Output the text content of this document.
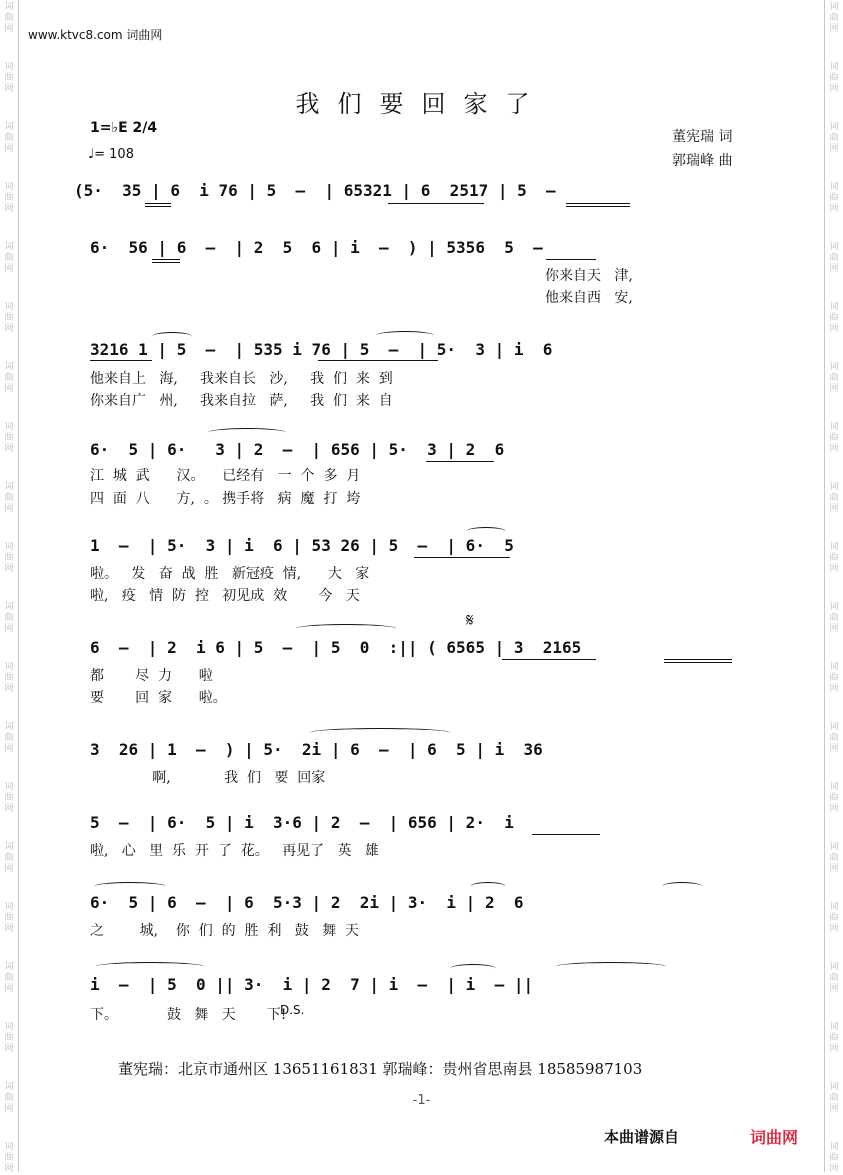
词
曲
网
词
曲
网
词
曲
网
词
曲
网
词
曲
网
词
曲
网
词
曲
网
词
曲
网
词
曲
网
词
曲
网
词
曲
网
词
曲
网
词
曲
网
词
曲
网
词
曲
网
词
曲
网
词
曲
网
词
曲
网
词
曲
网
词
曲
网
词
曲
网
词
曲
网
词
曲
网
词
曲
网
词
曲
网
词
曲
网
词
曲
网
词
曲
网
词
曲
网
词
曲
网
词
曲
网
词
曲
网
词
曲
网
词
曲
网
词
曲
网
词
曲
网
词
曲
网
词
曲
网
词
曲
网
词
曲
网
www.ktvc8.com 词曲网
我们要回家了
1=♭E 2/4
♩= 108
董宪瑞 词
郭瑞峰 曲
(5·  35 | 6  i 76 | 5  –  | 65321 | 6  2517 | 5  –
6·  56 | 6  –  | 2  5  6 | i  –  ) | 5356  5  –
你来自天   津,
他来自西   安,
3216 1 | 5  –  | 535 i 76 | 5  –  | 5·  3 | i  6
他来自上   海,     我来自长   沙,     我  们  来  到
你来自广   州,     我来自拉   萨,     我  们  来  自
6·  5 | 6·   3 | 2  –  | 656 | 5·  3 | 2  6
江  城  武      汉。    已经有   一  个  多  月
四  面  八      方,  。 携手将   病  魔  打  垮
1  –  | 5·  3 | i  6 | 53 26 | 5  –  | 6·  5
啦。   发   奋  战  胜   新冠疫  情,      大   家
啦,   疫   情  防  控   初见成  效       今   天
𝄋
6  –  | 2  i 6 | 5  –  | 5  0  :|| ( 6565 | 3  2165
都       尽  力      啦
要       回  家      啦。
3  26 | 1  –  ) | 5·  2i | 6  –  | 6  5 | i  36
啊,            我  们   要  回家
5  –  | 6·  5 | i  3·6 | 2  –  | 656 | 2·  i
啦,   心   里  乐  开  了  花。   再见了   英   雄
6·  5 | 6  –  | 6  5·3 | 2  2i | 3·  i | 2  6
之        城,    你  们  的  胜  利   鼓   舞  天
i  –  | 5  0 || 3·  i | 2  7 | i  –  | i  – ||
下。           鼓   舞   天       下!
D.S.
董宪瑞：北京市通州区 13651161831 郭瑞峰：贵州省思南县 18585987103
-1-
本曲谱源自	词曲网
